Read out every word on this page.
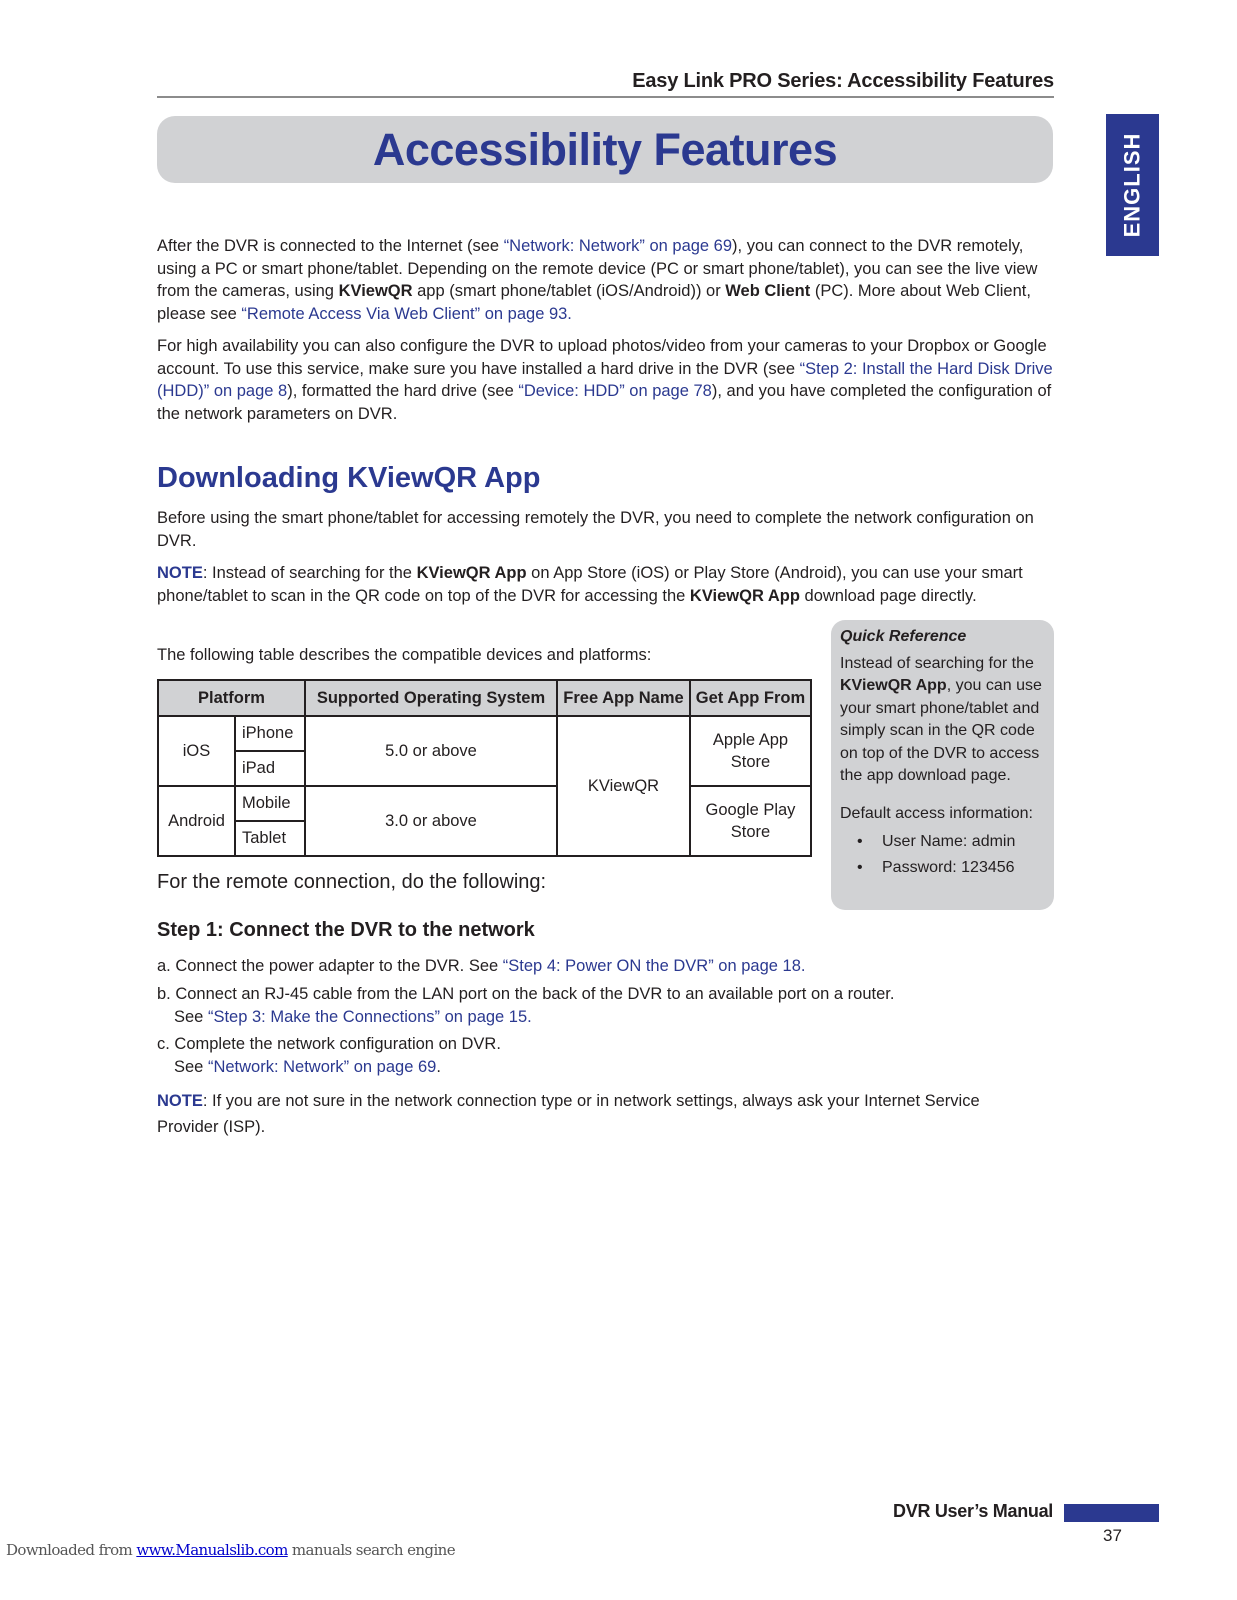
Easy Link PRO Series: Accessibility Features
ENGLISH
Accessibility Features

After the DVR is connected to the Internet (see “Network: Network” on page 69), you can connect to the DVR remotely, using a PC or smart phone/tablet. Depending on the remote device (PC or smart phone/tablet), you can see the live view from the cameras, using KViewQR app (smart phone/tablet (iOS/Android)) or Web Client (PC). More about Web Client, please see “Remote Access Via Web Client” on page 93.

For high availability you can also configure the DVR to upload photos/video from your cameras to your Dropbox or Google account. To use this service, make sure you have installed a hard drive in the DVR (see “Step 2: Install the Hard Disk Drive (HDD)” on page 8), formatted the hard drive (see “Device: HDD” on page 78), and you have completed the configuration of the network parameters on DVR.

Downloading KViewQR App

Before using the smart phone/tablet for accessing remotely the DVR, you need to complete the network configuration on DVR.

NOTE: Instead of searching for the KViewQR App on App Store (iOS) or Play Store (Android), you can use your smart phone/tablet to scan in the QR code on top of the DVR for accessing the KViewQR App download page directly.

The following table describes the compatible devices and platforms:

Platform		Supported Operating System	Free App Name	Get App From
iOS	iPhone	5.0 or above	KViewQR	Apple App Store
	iPad			
Android	Mobile	3.0 or above		Google Play Store
	Tablet			

Quick Reference

Instead of searching for the KViewQR App, you can use your smart phone/tablet and simply scan in the QR code on top of the DVR to access the app download page.

Default access information:

• User Name: admin
• Password: 123456

For the remote connection, do the following:

Step 1: Connect the DVR to the network

a. Connect the power adapter to the DVR. See “Step 4: Power ON the DVR” on page 18.

b. Connect an RJ-45 cable from the LAN port on the back of the DVR to an available port on a router.
See “Step 3: Make the Connections” on page 15.

c. Complete the network configuration on DVR.
See “Network: Network” on page 69.

NOTE: If you are not sure in the network connection type or in network settings, always ask your Internet Service Provider (ISP).

DVR User’s Manual
37
Downloaded from www.Manualslib.com manuals search engine
